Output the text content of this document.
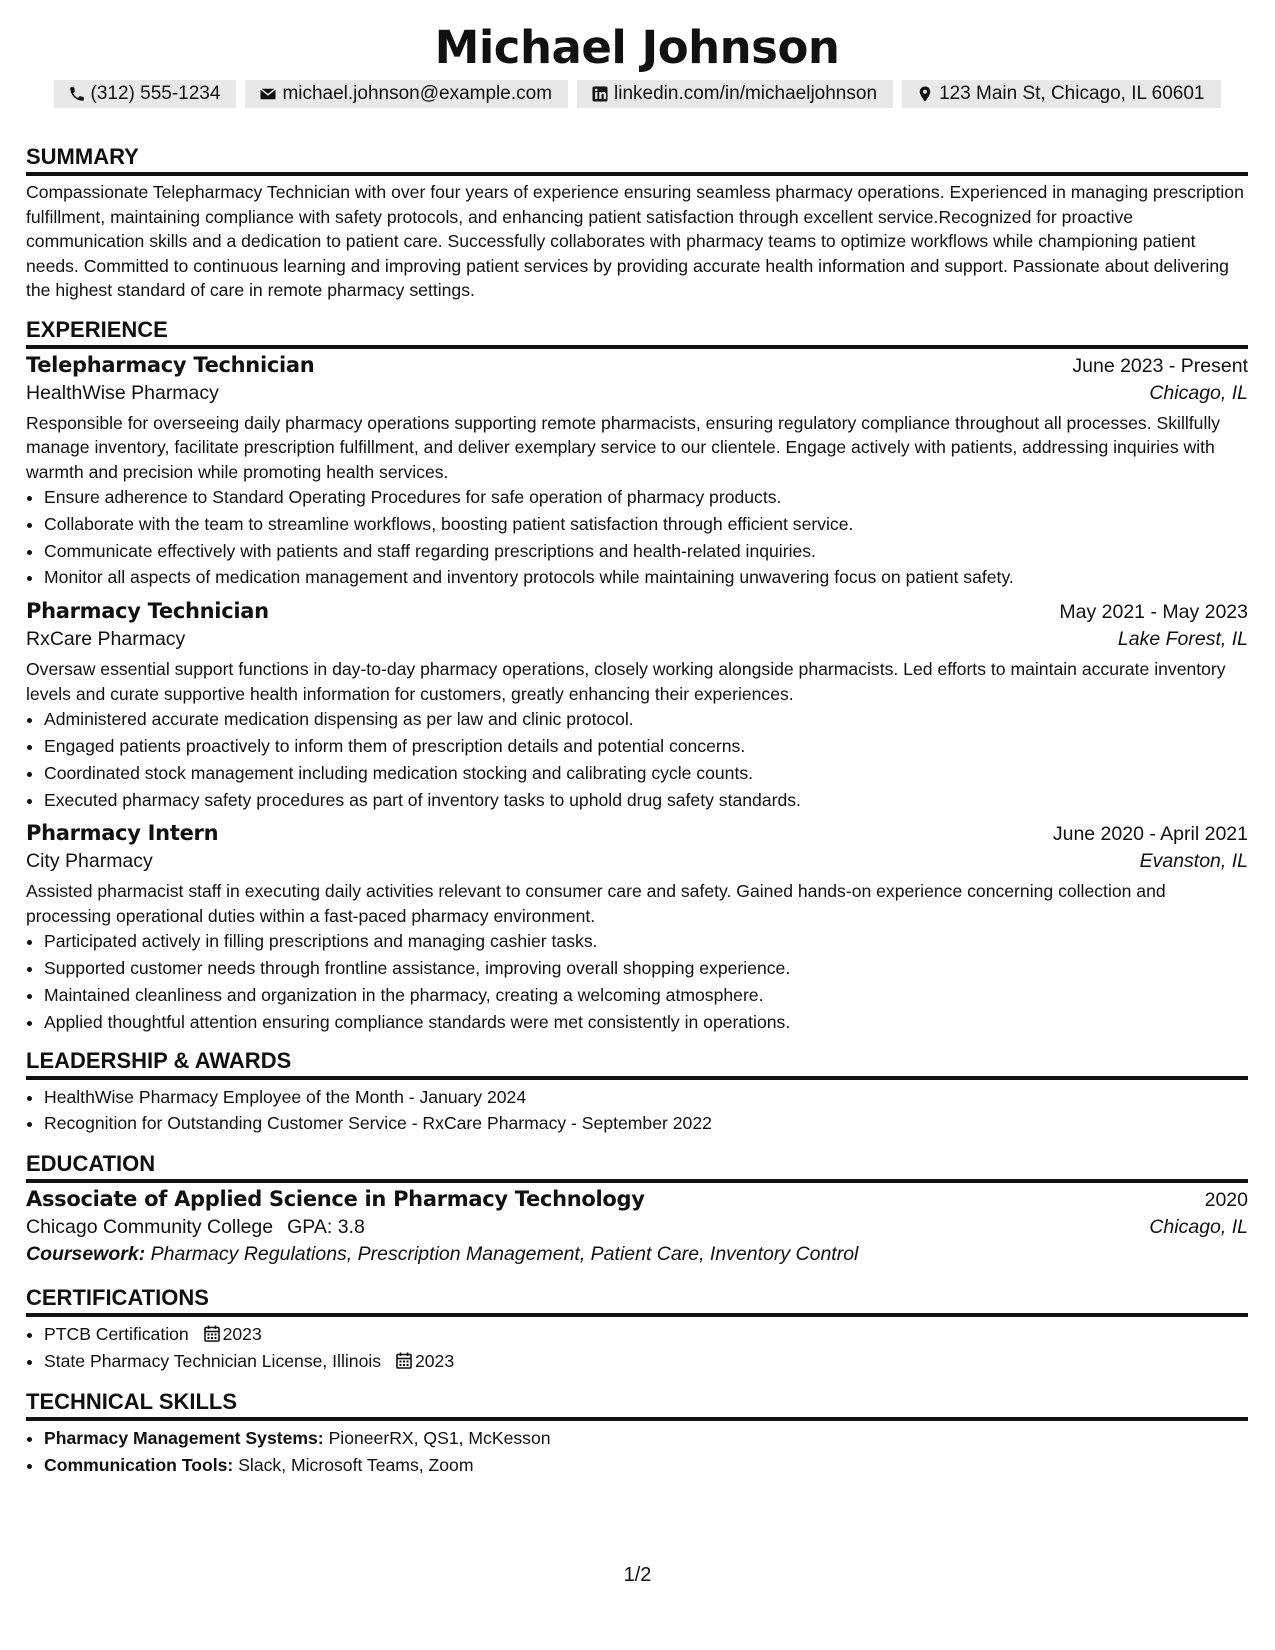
Michael Johnson
(312) 555-1234	michael.johnson@example.com	linkedin.com/in/michaeljohnson	123 Main St, Chicago, IL 60601
SUMMARY

Compassionate Telepharmacy Technician with over four years of experience ensuring seamless pharmacy operations. Experienced in managing prescription fulfillment, maintaining compliance with safety protocols, and enhancing patient satisfaction through excellent service.Recognized for proactive communication skills and a dedication to patient care. Successfully collaborates with pharmacy teams to optimize workflows while championing patient needs. Committed to continuous learning and improving patient services by providing accurate health information and support. Passionate about delivering the highest standard of care in remote pharmacy settings.

EXPERIENCE
Telepharmacy Technician	June 2023 - Present
HealthWise Pharmacy	Chicago, IL

Responsible for overseeing daily pharmacy operations supporting remote pharmacists, ensuring regulatory compliance throughout all processes. Skillfully manage inventory, facilitate prescription fulfillment, and deliver exemplary service to our clientele. Engage actively with patients, addressing inquiries with warmth and precision while promoting health services.

• Ensure adherence to Standard Operating Procedures for safe operation of pharmacy products.
• Collaborate with the team to streamline workflows, boosting patient satisfaction through efficient service.
• Communicate effectively with patients and staff regarding prescriptions and health-related inquiries.
• Monitor all aspects of medication management and inventory protocols while maintaining unwavering focus on patient safety.
Pharmacy Technician	May 2021 - May 2023
RxCare Pharmacy	Lake Forest, IL

Oversaw essential support functions in day-to-day pharmacy operations, closely working alongside pharmacists. Led efforts to maintain accurate inventory levels and curate supportive health information for customers, greatly enhancing their experiences.

• Administered accurate medication dispensing as per law and clinic protocol.
• Engaged patients proactively to inform them of prescription details and potential concerns.
• Coordinated stock management including medication stocking and calibrating cycle counts.
• Executed pharmacy safety procedures as part of inventory tasks to uphold drug safety standards.
Pharmacy Intern	June 2020 - April 2021
City Pharmacy	Evanston, IL

Assisted pharmacist staff in executing daily activities relevant to consumer care and safety. Gained hands-on experience concerning collection and processing operational duties within a fast-paced pharmacy environment.

• Participated actively in filling prescriptions and managing cashier tasks.
• Supported customer needs through frontline assistance, improving overall shopping experience.
• Maintained cleanliness and organization in the pharmacy, creating a welcoming atmosphere.
• Applied thoughtful attention ensuring compliance standards were met consistently in operations.
LEADERSHIP & AWARDS
• HealthWise Pharmacy Employee of the Month - January 2024
• Recognition for Outstanding Customer Service - RxCare Pharmacy - September 2022
EDUCATION
Associate of Applied Science in Pharmacy Technology	2020
Chicago Community College GPA: 3.8	Chicago, IL
Coursework: Pharmacy Regulations, Prescription Management, Patient Care, Inventory Control
CERTIFICATIONS
• PTCB Certification 2023
• State Pharmacy Technician License, Illinois 2023
TECHNICAL SKILLS
• Pharmacy Management Systems: PioneerRX, QS1, McKesson
• Communication Tools: Slack, Microsoft Teams, Zoom
1/2
